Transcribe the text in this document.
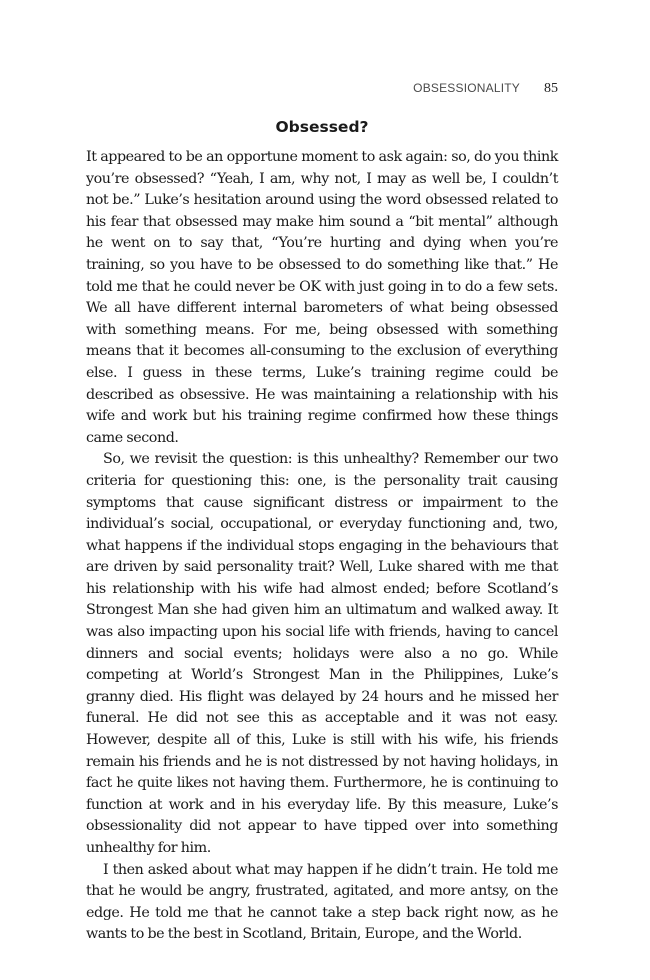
OBSESSIONALITY 85
Obsessed?

It appeared to be an opportune moment to ask again: so, do you think you’re obsessed? “Yeah, I am, why not, I may as well be, I couldn’t not be.” Luke’s hesitation around using the word obsessed related to his fear that obsessed may make him sound a “bit mental” although he went on to say that, “You’re hurting and dying when you’re training, so you have to be obsessed to do something like that.” He told me that he could never be OK with just going in to do a few sets. We all have different internal barometers of what being obsessed with something means. For me, being obsessed with something means that it becomes all-consuming to the exclusion of everything else. I guess in these terms, Luke’s training regime could be described as obsessive. He was maintaining a relationship with his wife and work but his training regime confirmed how these things came second.

So, we revisit the question: is this unhealthy? Remember our two criteria for questioning this: one, is the personality trait causing symptoms that cause significant distress or impairment to the individual’s social, occupational, or everyday functioning and, two, what happens if the individual stops engaging in the behaviours that are driven by said personality trait? Well, Luke shared with me that his relationship with his wife had almost ended; before Scotland’s Strongest Man she had given him an ultimatum and walked away. It was also impacting upon his social life with friends, having to cancel dinners and social events; holidays were also a no go. While competing at World’s Strongest Man in the Philippines, Luke’s granny died. His flight was delayed by 24 hours and he missed her funeral. He did not see this as acceptable and it was not easy. However, despite all of this, Luke is still with his wife, his friends remain his friends and he is not distressed by not having holidays, in fact he quite likes not having them. Furthermore, he is continuing to function at work and in his everyday life. By this measure, Luke’s obsessionality did not appear to have tipped over into something unhealthy for him.

I then asked about what may happen if he didn’t train. He told me that he would be angry, frustrated, agitated, and more antsy, on the edge. He told me that he cannot take a step back right now, as he wants to be the best in Scotland, Britain, Europe, and the World.
